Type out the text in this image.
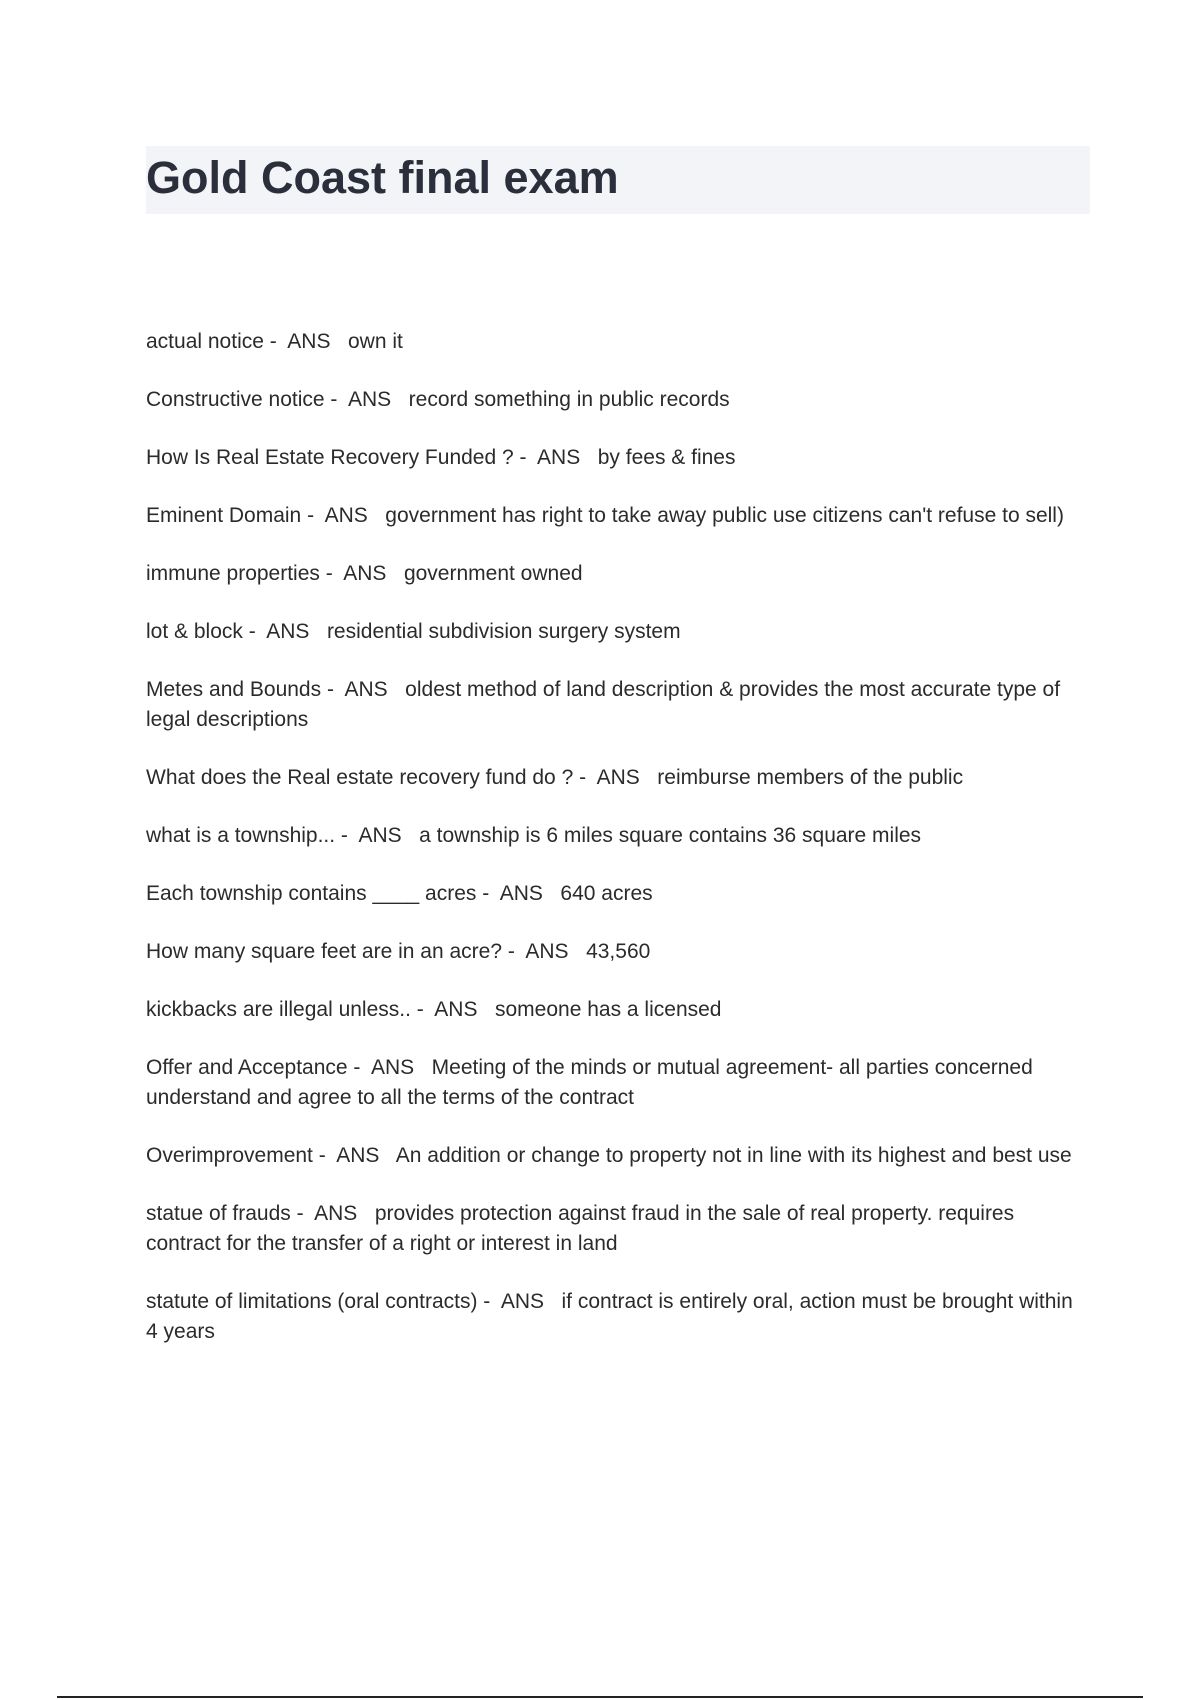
Gold Coast final exam
actual notice -  ANS own it
Constructive notice -  ANS record something in public records
How Is Real Estate Recovery Funded ? -  ANS by fees & fines
Eminent Domain -  ANS government has right to take away public use citizens can't refuse to sell)
immune properties -  ANS government owned
lot & block -  ANS residential subdivision surgery system
Metes and Bounds -  ANS oldest method of land description & provides the most accurate type of legal descriptions
What does the Real estate recovery fund do ? -  ANS reimburse members of the public
what is a township... -  ANS a township is 6 miles square contains 36 square miles
Each township contains ____ acres -  ANS 640 acres
How many square feet are in an acre? -  ANS 43,560
kickbacks are illegal unless.. -  ANS someone has a licensed
Offer and Acceptance -  ANS Meeting of the minds or mutual agreement- all parties concerned understand and agree to all the terms of the contract
Overimprovement -  ANS An addition or change to property not in line with its highest and best use
statue of frauds -  ANS provides protection against fraud in the sale of real property. requires contract for the transfer of a right or interest in land
statute of limitations (oral contracts) -  ANS if contract is entirely oral, action must be brought within 4 years
